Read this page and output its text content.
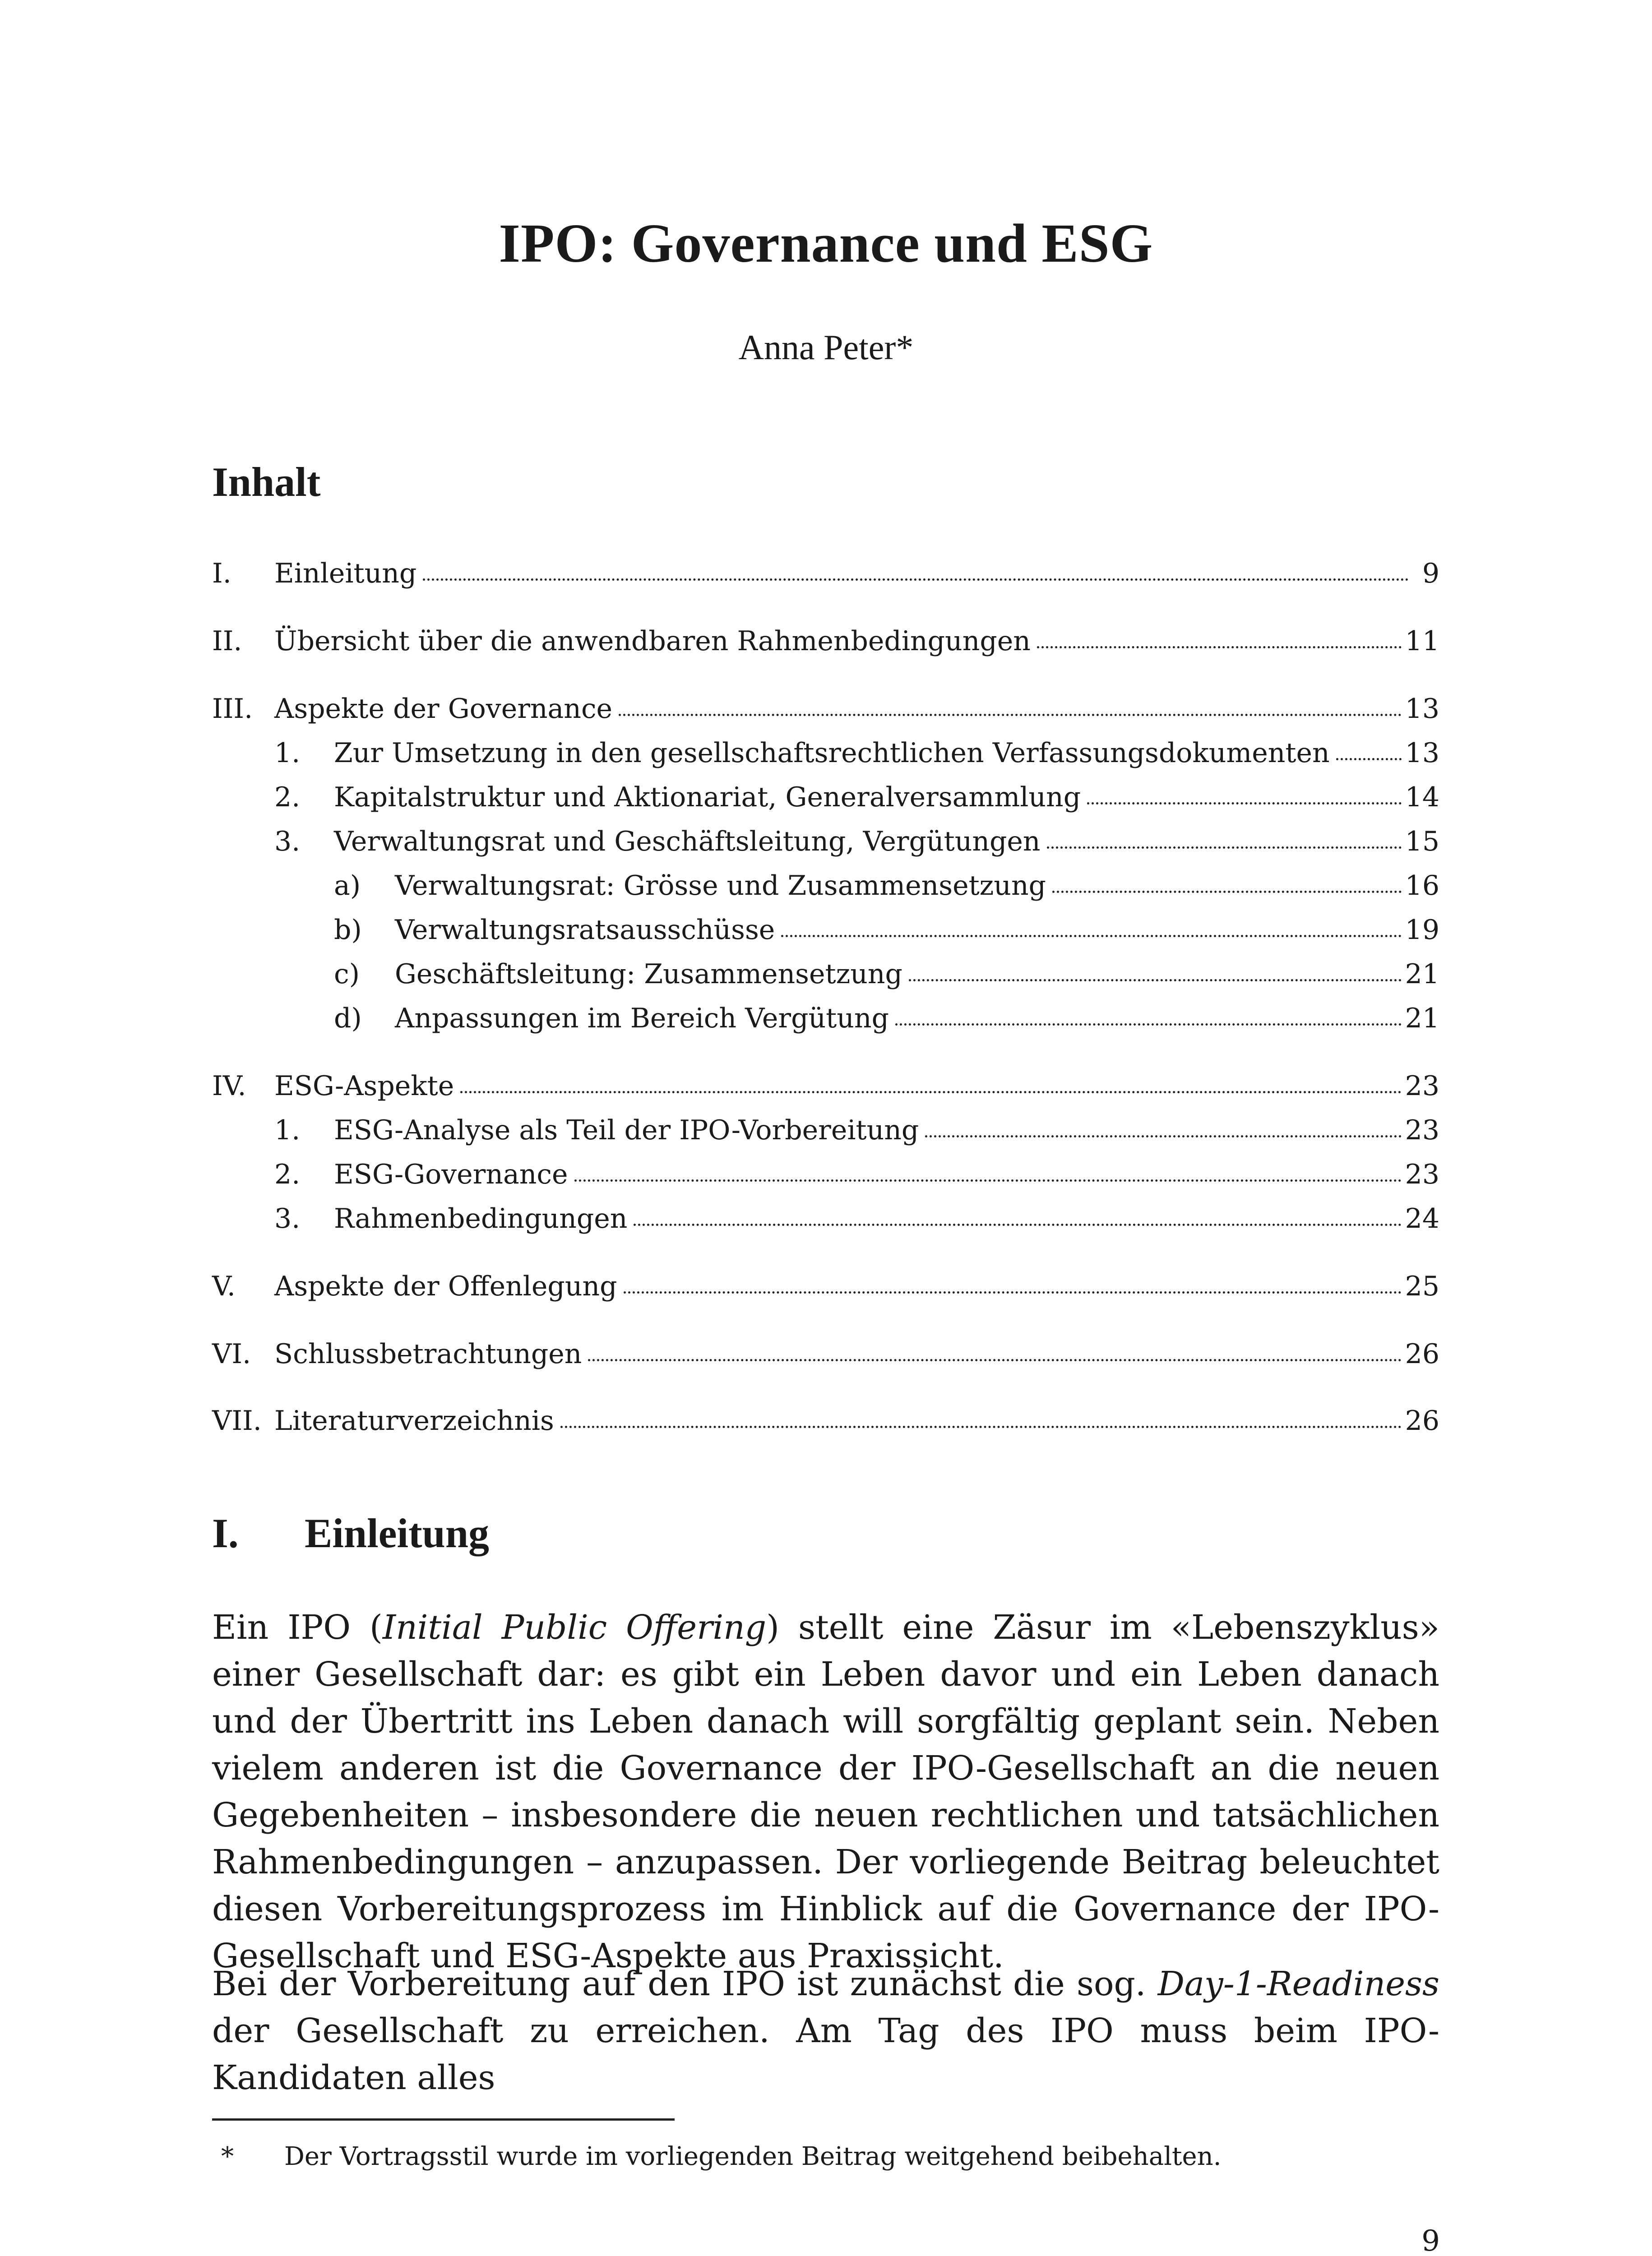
IPO: Governance und ESG
Anna Peter*
Inhalt
I.	Einleitung	9
II.	Übersicht über die anwendbaren Rahmenbedingungen	11
III. Aspekte der Governance	13
1.	Zur Umsetzung in den gesellschaftsrechtlichen Verfassungsdokumenten	13
2.	Kapitalstruktur und Aktionariat, Generalversammlung	14
3.	Verwaltungsrat und Geschäftsleitung, Vergütungen	15
a)	Verwaltungsrat: Grösse und Zusammensetzung	16
b)	Verwaltungsratsausschüsse	19
c)	Geschäftsleitung: Zusammensetzung	21
d)	Anpassungen im Bereich Vergütung	21
IV.	ESG-Aspekte	23
1.	ESG-Analyse als Teil der IPO-Vorbereitung	23
2.	ESG-Governance	23
3.	Rahmenbedingungen	24
V.	Aspekte der Offenlegung	25
VI. Schlussbetrachtungen	26
VII. Literaturverzeichnis	26
I. Einleitung

Ein IPO (Initial Public Offering) stellt eine Zäsur im «Lebenszyklus» einer Gesellschaft dar: es gibt ein Leben davor und ein Leben danach und der Übertritt ins Leben danach will sorgfältig geplant sein. Neben vielem anderen ist die Governance der IPO-Gesellschaft an die neuen Gegebenheiten – insbesondere die neuen rechtlichen und tatsächlichen Rahmenbedingungen – anzupassen. Der vorliegende Beitrag beleuchtet diesen Vorbereitungsprozess im Hinblick auf die Governance der IPO-Gesellschaft und ESG-Aspekte aus Praxissicht.

Bei der Vorbereitung auf den IPO ist zunächst die sog. Day-1-Readiness der Gesellschaft zu erreichen. Am Tag des IPO muss beim IPO-Kandidaten alles

* Der Vortragsstil wurde im vorliegenden Beitrag weitgehend beibehalten.
9
